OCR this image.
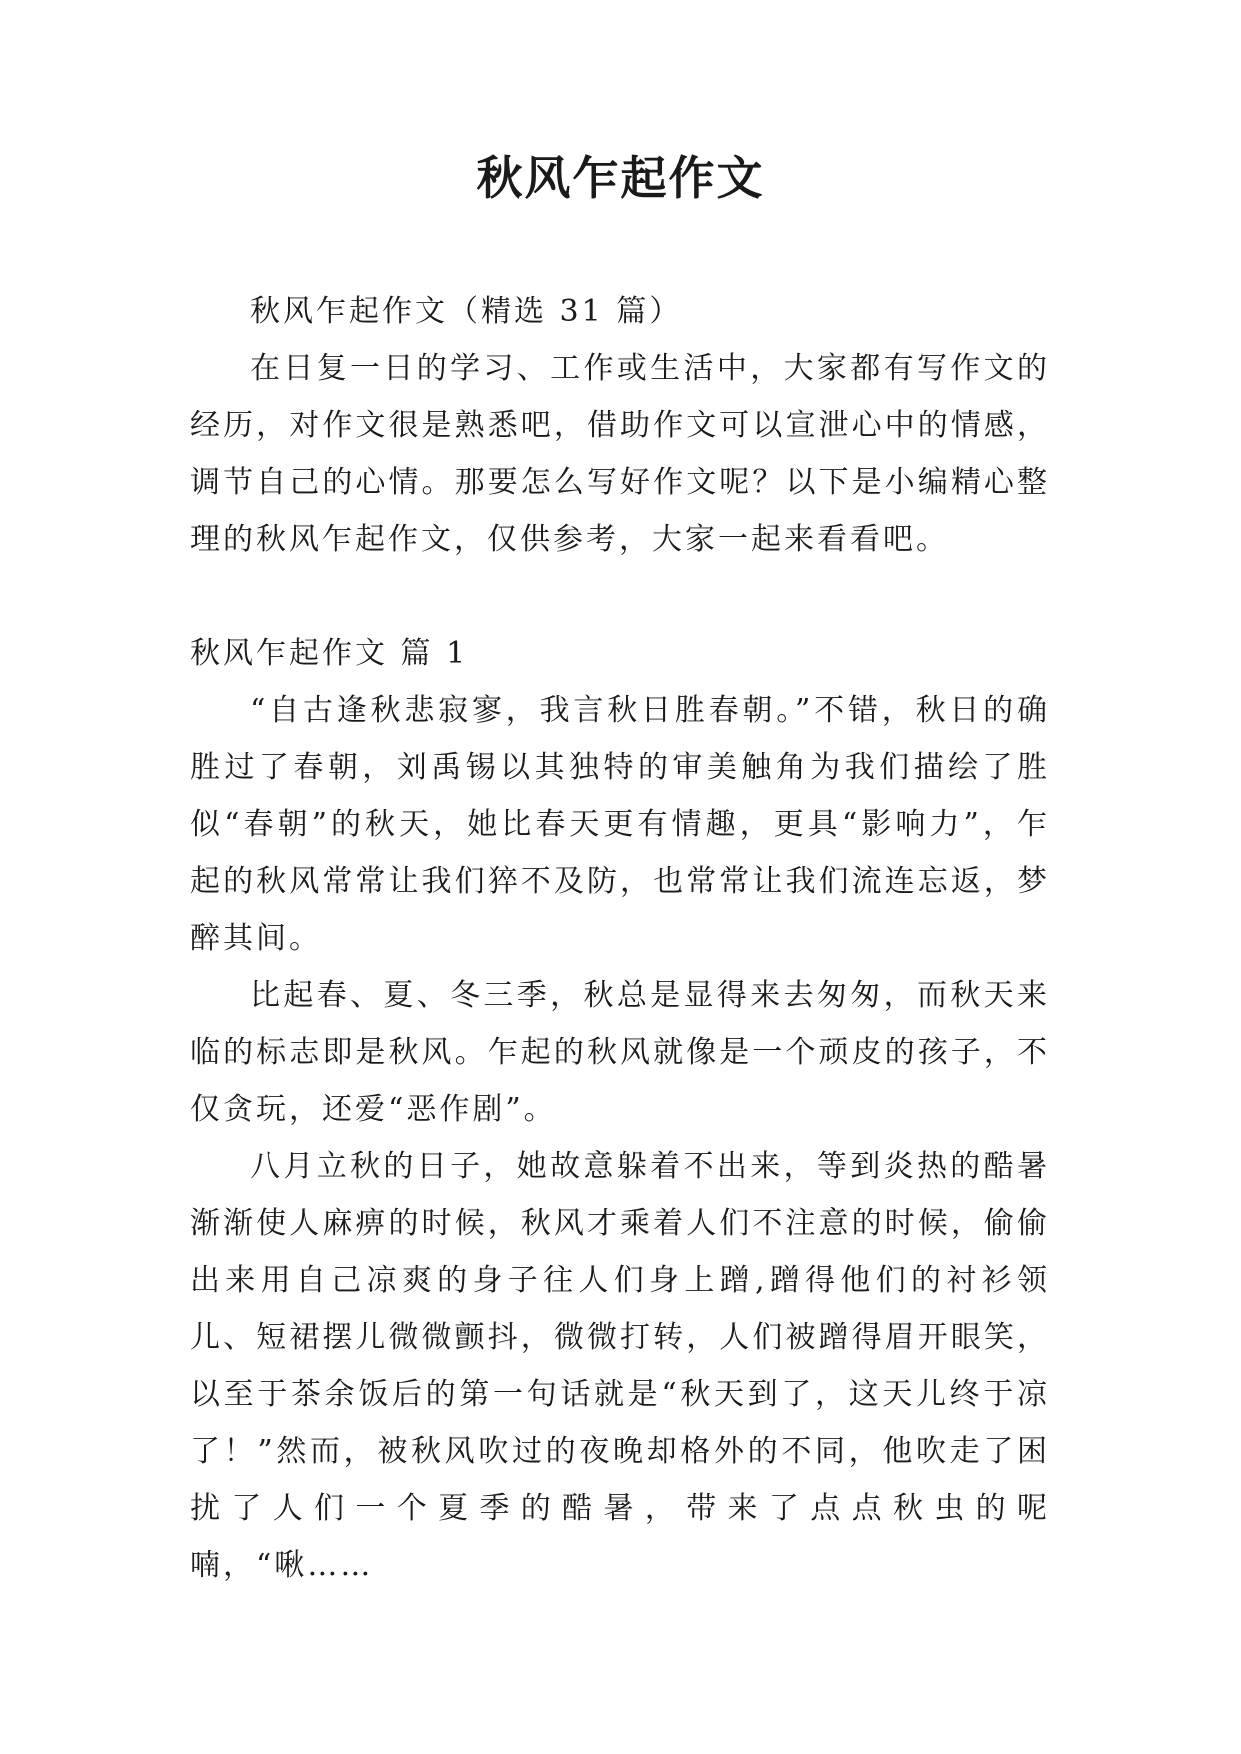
秋风乍起作文

秋风乍起作文（精选 31 篇）

在日复一日的学习、工作或生活中，大家都有写作文的经历，对作文很是熟悉吧，借助作文可以宣泄心中的情感，调节自己的心情。那要怎么写好作文呢？以下是小编精心整理的秋风乍起作文，仅供参考，大家一起来看看吧。

秋风乍起作文 篇 1

“自古逢秋悲寂寥，我言秋日胜春朝。”不错，秋日的确胜过了春朝，刘禹锡以其独特的审美触角为我们描绘了胜似“春朝”的秋天，她比春天更有情趣，更具“影响力”，乍起的秋风常常让我们猝不及防，也常常让我们流连忘返，梦醉其间。

比起春、夏、冬三季，秋总是显得来去匆匆，而秋天来临的标志即是秋风。乍起的秋风就像是一个顽皮的孩子，不仅贪玩，还爱“恶作剧”。

八月立秋的日子，她故意躲着不出来，等到炎热的酷暑渐渐使人麻痹的时候，秋风才乘着人们不注意的时候，偷偷出来用自己凉爽的身子往人们身上蹭,蹭得他们的衬衫领儿、短裙摆儿微微颤抖，微微打转，人们被蹭得眉开眼笑，以至于茶余饭后的第一句话就是“秋天到了，这天儿终于凉了！”然而，被秋风吹过的夜晚却格外的不同，他吹走了困扰了人们一个夏季的酷暑，带来了点点秋虫的呢喃，“啾……
